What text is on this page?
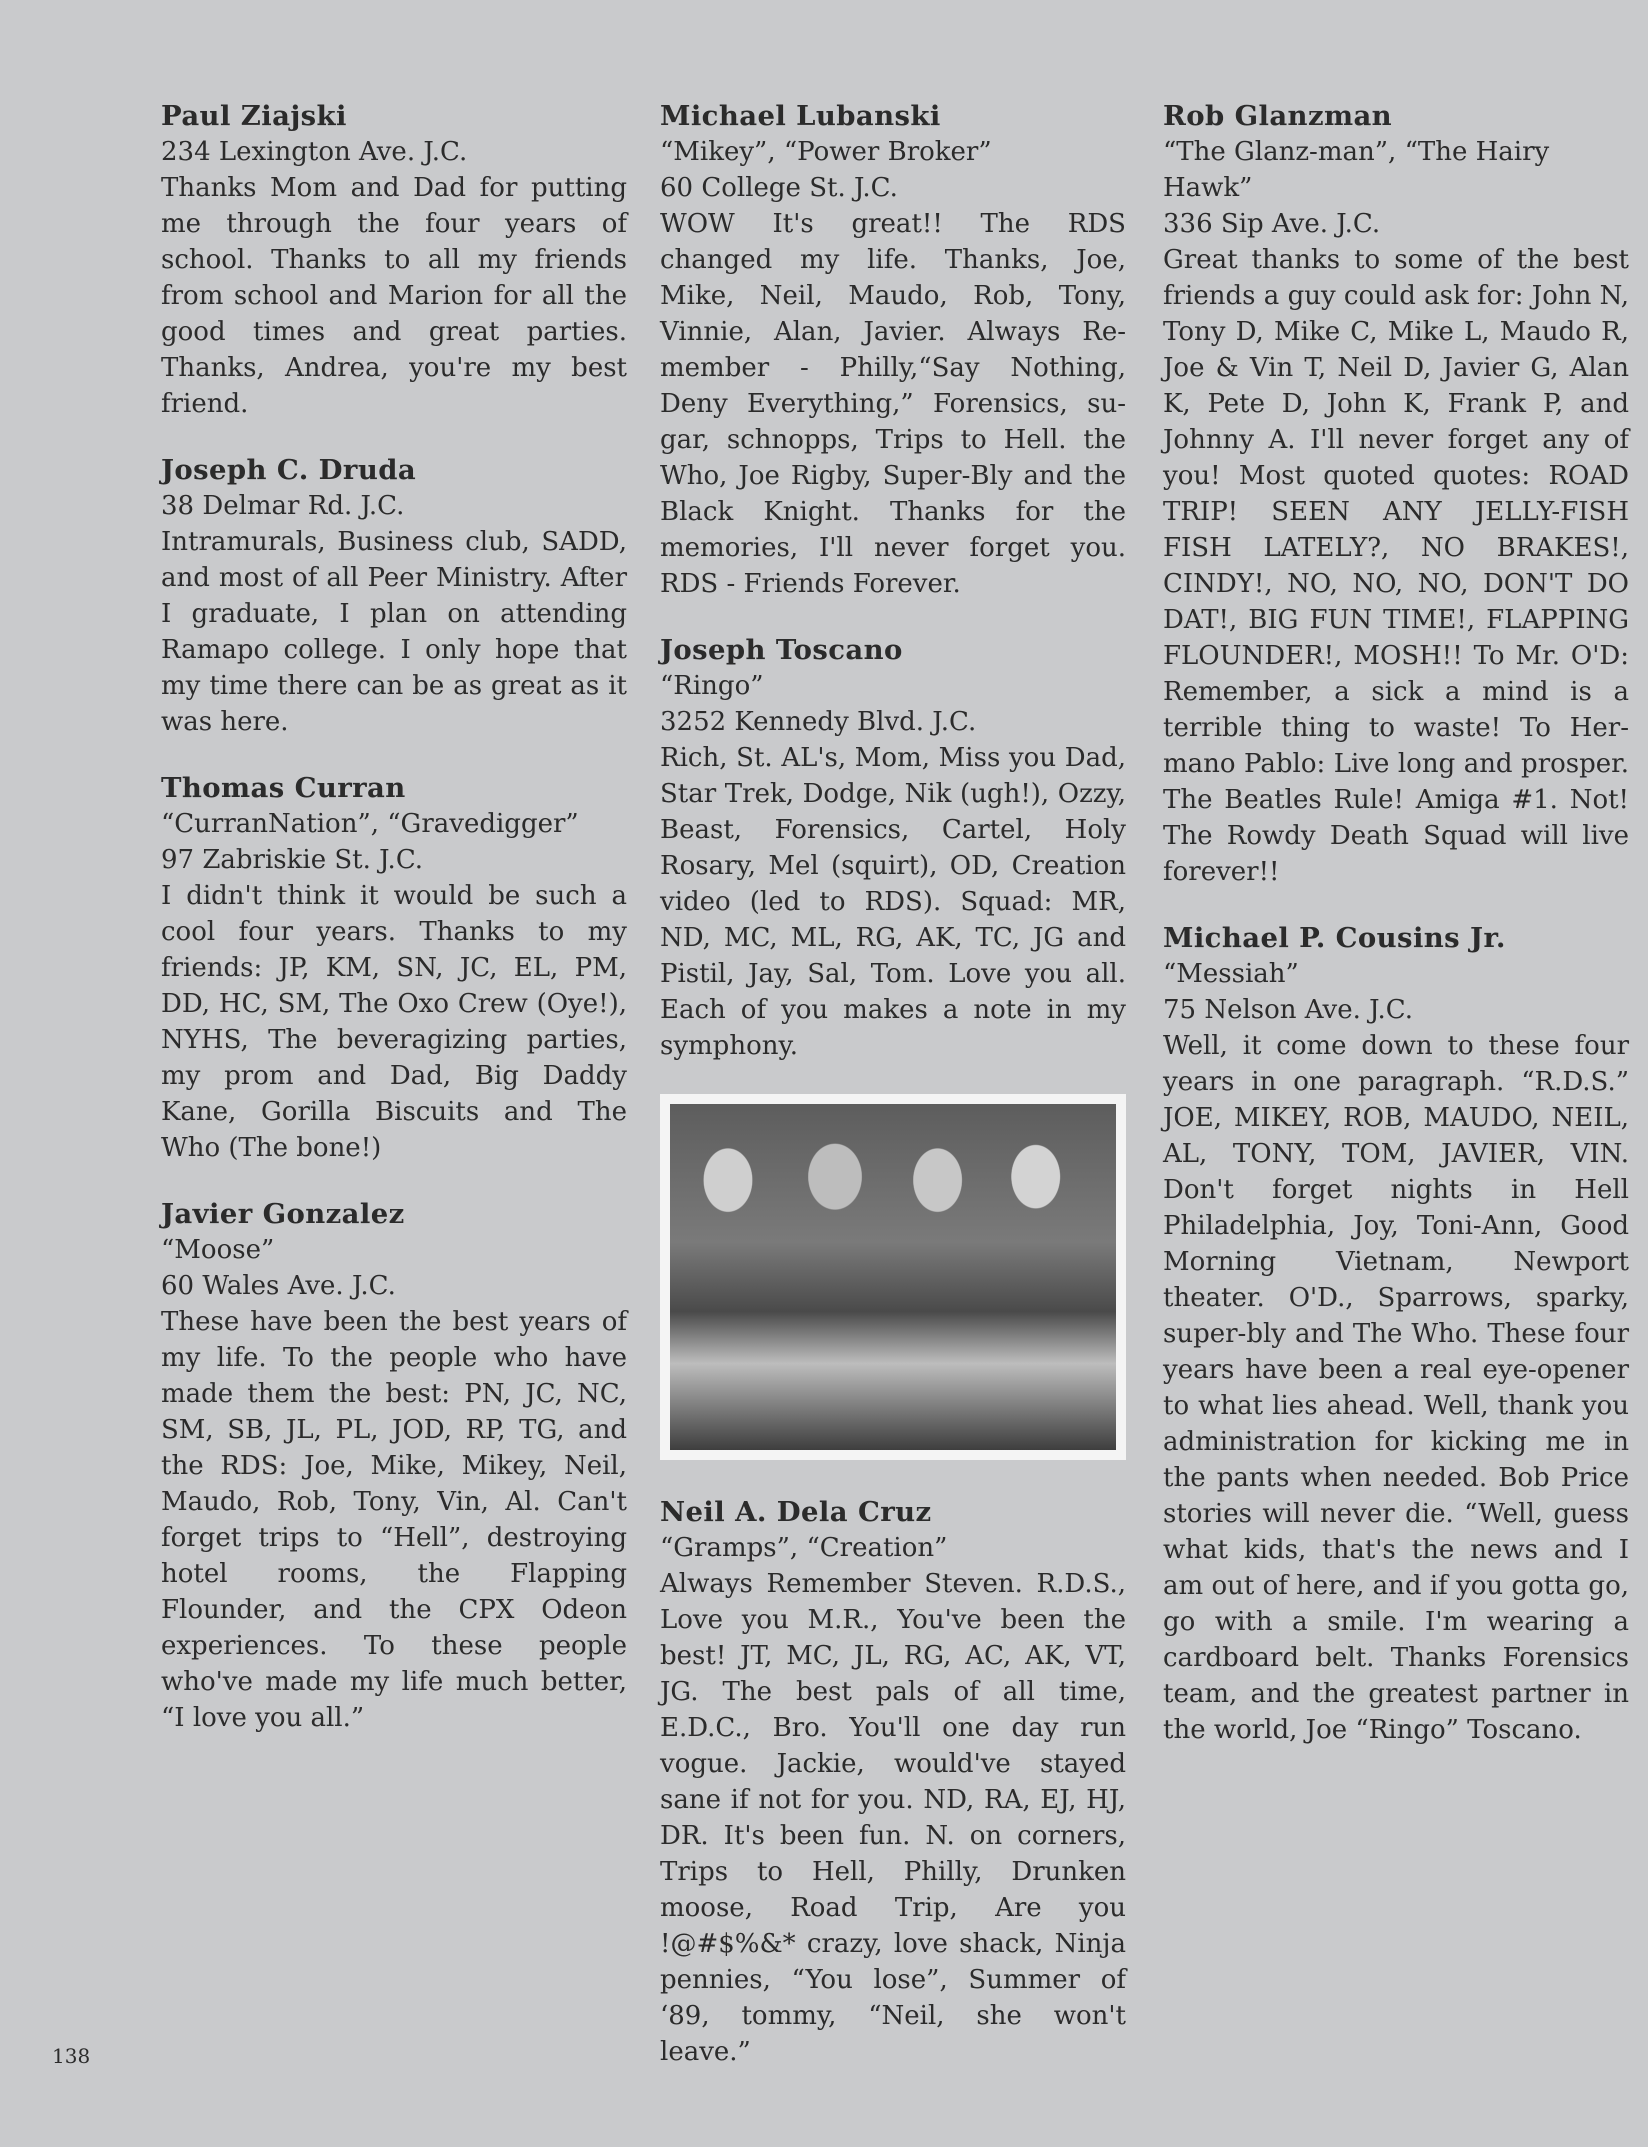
Paul Ziajski
234 Lexington Ave. J.C.
Thanks Mom and Dad for putting me through the four years of school. Thanks to all my friends from school and Marion for all the good times and great parties. Thanks, Andrea, you're my best friend.
Joseph C. Druda
38 Delmar Rd. J.C.
Intramurals, Business club, SADD, and most of all Peer Ministry. After I graduate, I plan on attending Ramapo college. I only hope that my time there can be as great as it was here.
Thomas Curran
“CurranNation”, “Gravedigger”
97 Zabriskie St. J.C.
I didn't think it would be such a cool four years. Thanks to my friends: JP, KM, SN, JC, EL, PM, DD, HC, SM, The Oxo Crew (Oye!), NYHS, The beveragizing parties, my prom and Dad, Big Daddy Kane, Gorilla Biscuits and The Who (The bone!)
Javier Gonzalez
“Moose”
60 Wales Ave. J.C.
These have been the best years of my life. To the people who have made them the best: PN, JC, NC, SM, SB, JL, PL, JOD, RP, TG, and the RDS: Joe, Mike, Mikey, Neil, Maudo, Rob, Tony, Vin, Al. Can't forget trips to “Hell”, destroying hotel rooms, the Flapping Flounder, and the CPX Odeon experiences. To these people who've made my life much better, “I love you all.”
Michael Lubanski
“Mikey”, “Power Broker”
60 College St. J.C.
WOW It's great!! The RDS changed my life. Thanks, Joe, Mike, Neil, Maudo, Rob, Tony, Vinnie, Alan, Javier. Always Remember - Philly,“Say Nothing, Deny Everything,” Forensics, sugar, schnopps, Trips to Hell. the Who, Joe Rigby, Super-Bly and the Black Knight. Thanks for the memories, I'll never forget you. RDS - Friends Forever.
Joseph Toscano
“Ringo”
3252 Kennedy Blvd. J.C.
Rich, St. AL's, Mom, Miss you Dad, Star Trek, Dodge, Nik (ugh!), Ozzy, Beast, Forensics, Cartel, Holy Rosary, Mel (squirt), OD, Creation video (led to RDS). Squad: MR, ND, MC, ML, RG, AK, TC, JG and Pistil, Jay, Sal, Tom. Love you all. Each of you makes a note in my symphony.
Neil A. Dela Cruz
“Gramps”, “Creation”
Always Remember Steven. R.D.S., Love you M.R., You've been the best! JT, MC, JL, RG, AC, AK, VT, JG. The best pals of all time, E.D.C., Bro. You'll one day run vogue. Jackie, would've stayed sane if not for you. ND, RA, EJ, HJ, DR. It's been fun. N. on corners, Trips to Hell, Philly, Drunken moose, Road Trip, Are you !@#$%&* crazy, love shack, Ninja pennies, “You lose”, Summer of ‘89, tommy, “Neil, she won't leave.”
Rob Glanzman
“The Glanz-man”, “The Hairy Hawk”
336 Sip Ave. J.C.
Great thanks to some of the best friends a guy could ask for: John N, Tony D, Mike C, Mike L, Maudo R, Joe & Vin T, Neil D, Javier G, Alan K, Pete D, John K, Frank P, and Johnny A. I'll never forget any of you! Most quoted quotes: ROAD TRIP! SEEN ANY JELLY-FISH FISH LATELY?, NO BRAKES!, CINDY!, NO, NO, NO, DON'T DO DAT!, BIG FUN TIME!, FLAPPING FLOUNDER!, MOSH!! To Mr. O'D: Remember, a sick a mind is a terrible thing to waste! To Hermano Pablo: Live long and prosper. The Beatles Rule! Amiga #1. Not! The Rowdy Death Squad will live forever!!
Michael P. Cousins Jr.
“Messiah”
75 Nelson Ave. J.C.
Well, it come down to these four years in one paragraph. “R.D.S.” JOE, MIKEY, ROB, MAUDO, NEIL, AL, TONY, TOM, JAVIER, VIN. Don't forget nights in Hell Philadelphia, Joy, Toni-Ann, Good Morning Vietnam, Newport theater. O'D., Sparrows, sparky, super-bly and The Who. These four years have been a real eye-opener to what lies ahead. Well, thank you administration for kicking me in the pants when needed. Bob Price stories will never die. “Well, guess what kids, that's the news and I am out of here, and if you gotta go, go with a smile. I'm wearing a cardboard belt. Thanks Forensics team, and the greatest partner in the world, Joe “Ringo” Toscano.
138
